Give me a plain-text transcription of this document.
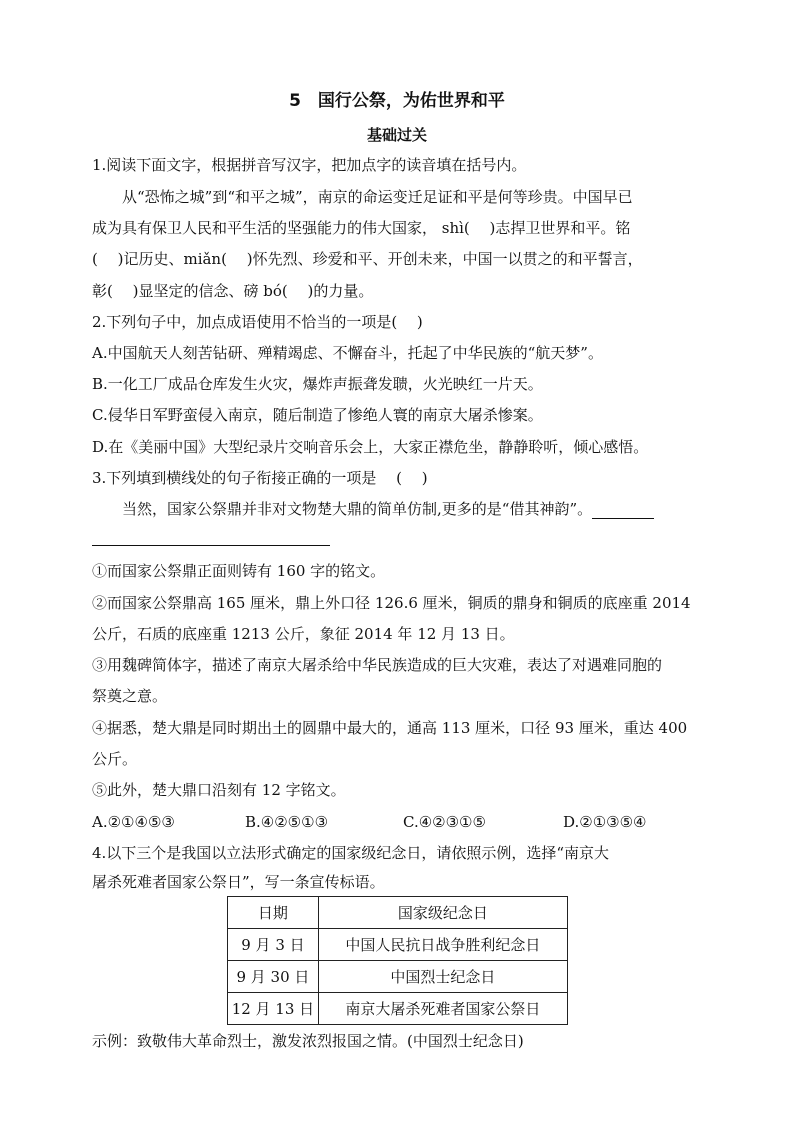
5　国行公祭，为佑世界和平
基础过关
1.阅读下面文字，根据拼音写汉字，把加点字的读音填在括号内。
从“恐怖之城”到“和平之城”，南京的命运变迁足证和平是何等珍贵。中国早已
成为具有保卫人民和平生活的坚强能力的伟大国家， shì(　 )志捍卫世界和平。铭
(　 )记历史、miǎn(　 )怀先烈、珍爱和平、开创未来，中国一以贯之的和平誓言，
彰(　 )显坚定的信念、磅 bó(　 )的力量。
2.下列句子中，加点成语使用不恰当的一项是(　 )
A.中国航天人刻苦钻研、殚精竭虑、不懈奋斗，托起了中华民族的“航天梦”。
B.一化工厂成品仓库发生火灾，爆炸声振聋发聩，火光映红一片天。
C.侵华日军野蛮侵入南京，随后制造了惨绝人寰的南京大屠杀惨案。
D.在《美丽中国》大型纪录片交响音乐会上，大家正襟危坐，静静聆听，倾心感悟。
3.下列填到横线处的句子衔接正确的一项是　 (　 )
当然，国家公祭鼎并非对文物楚大鼎的简单仿制,更多的是“借其神韵”。
①而国家公祭鼎正面则铸有 160 字的铭文。
②而国家公祭鼎高 165 厘米，鼎上外口径 126.6 厘米，铜质的鼎身和铜质的底座重 2014
公斤，石质的底座重 1213 公斤，象征 2014 年 12 月 13 日。
③用魏碑简体字，描述了南京大屠杀给中华民族造成的巨大灾难，表达了对遇难同胞的
祭奠之意。
④据悉，楚大鼎是同时期出土的圆鼎中最大的，通高 113 厘米，口径 93 厘米，重达 400
公斤。
⑤此外，楚大鼎口沿刻有 12 字铭文。
A.②①④⑤③	B.④②⑤①③	C.④②③①⑤	D.②①③⑤④
4.以下三个是我国以立法形式确定的国家级纪念日，请依照示例，选择“南京大
屠杀死难者国家公祭日”，写一条宣传标语。
日期	国家级纪念日
9 月 3 日	中国人民抗日战争胜利纪念日
9 月 30 日	中国烈士纪念日
12 月 13 日	南京大屠杀死难者国家公祭日
示例：致敬伟大革命烈士，激发浓烈报国之情。(中国烈士纪念日)
